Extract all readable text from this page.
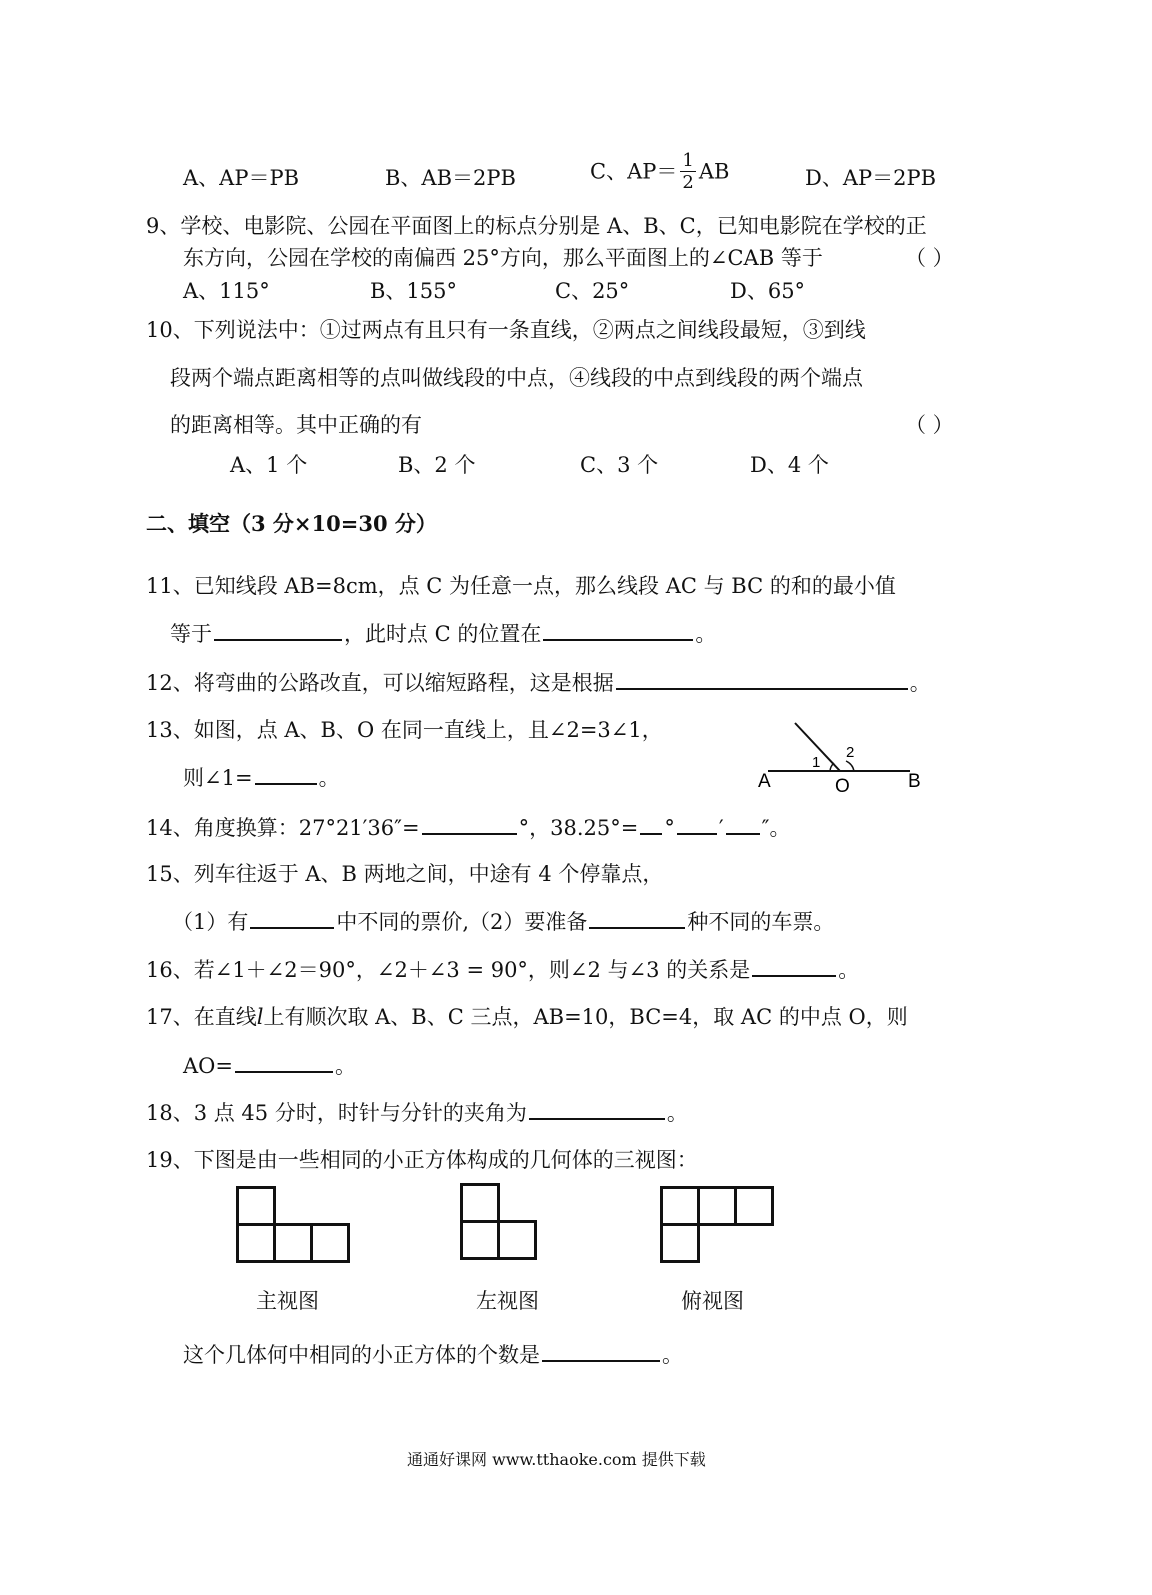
A、AP＝PB	B、AB＝2PB	C、$AP= \frac{1}{2}$ AB	D、AP＝2PB
9、学校、电影院、公园在平面图上的标点分别是 A、B、C，已知电影院在学校的正
东方向，公园在学校的南偏西 25°方向，那么平面图上的∠CAB 等于	（ ）
A、115°	B、155°	C、25°	D、65°
10、下列说法中：①过两点有且只有一条直线，②两点之间线段最短，③到线
段两个端点距离相等的点叫做线段的中点，④线段的中点到线段的两个端点
的距离相等。其中正确的有	（ ）
A、1 个	B、2 个	C、3 个	D、4 个
二、填空（3 分×10=30 分）
11、已知线段 AB=8cm，点 C 为任意一点，那么线段 AC 与 BC 的和的最小值
等于	，此时点 C 的位置在	。
12、将弯曲的公路改直，可以缩短路程，这是根据	。
13、如图，点 A、B、O 在同一直线上，且∠2=3∠1，
则∠1=	。	A	O	B
1
2
14、角度换算：27°21′36″=	°，38.25°= ° ′ ″。
15、列车往返于 A、B 两地之间，中途有 4 个停靠点，
（1）有	中不同的票价,（2）要准备	种不同的车票。
16、若∠1＋∠2＝90°，∠2＋∠3 = 90°，则∠2 与∠3 的关系是	。
17、在直线l上有顺次取 A、B、C 三点，AB=10，BC=4，取 AC 的中点 O，则
AO=	。
18、3 点 45 分时，时针与分针的夹角为	。
19、下图是由一些相同的小正方体构成的几何体的三视图：
主视图	左视图	俯视图
这个几体何中相同的小正方体的个数是	。
通通好课网 www.tthaoke.com 提供下载
